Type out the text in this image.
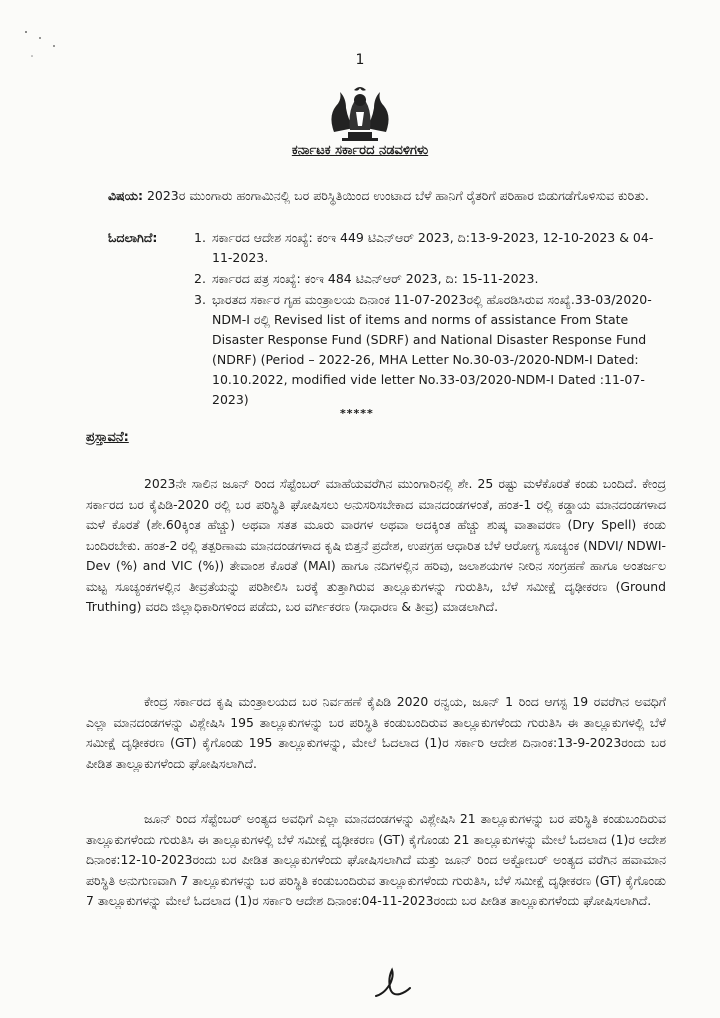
1
ಕರ್ನಾಟಕ ಸರ್ಕಾರದ ನಡವಳಿಗಳು
ವಿಷಯ: 2023ರ ಮುಂಗಾರು ಹಂಗಾಮಿನಲ್ಲಿ ಬರ ಪರಿಸ್ಥಿತಿಯಿಂದ ಉಂಟಾದ ಬೆಳೆ ಹಾನಿಗೆ ರೈತರಿಗೆ ಪರಿಹಾರ ಬಿಡುಗಡೆಗೊಳಿಸುವ ಕುರಿತು.
ಓದಲಾಗಿದೆ:	1. ಸರ್ಕಾರದ ಆದೇಶ ಸಂಖ್ಯೆ: ಕಂಇ 449 ಟಿಎನ್ಆರ್ 2023, ದಿ:13-9-2023, 12-10-2023 & 04-11-2023.
2. ಸರ್ಕಾರದ ಪತ್ರ ಸಂಖ್ಯೆ: ಕಂಇ 484 ಟಿಎನ್ಆರ್ 2023, ದಿ: 15-11-2023.
3. ಭಾರತದ ಸರ್ಕಾರ ಗೃಹ ಮಂತ್ರಾಲಯ ದಿನಾಂಕ 11-07-2023ರಲ್ಲಿ ಹೊರಡಿಸಿರುವ ಸಂಖ್ಯೆ.33-03/2020-NDM-I ರಲ್ಲಿ Revised list of items and norms of assistance From State Disaster Response Fund (SDRF) and National Disaster Response Fund (NDRF) (Period – 2022-26, MHA Letter No.30-03-/2020-NDM-I Dated: 10.10.2022, modified vide letter No.33-03/2020-NDM-I Dated :11-07-2023)
*****
ಪ್ರಸ್ತಾವನೆ:

2023ನೇ ಸಾಲಿನ ಜೂನ್ ರಿಂದ ಸೆಪ್ಟೆಂಬರ್ ಮಾಹೆಯವರೆಗಿನ ಮುಂಗಾರಿನಲ್ಲಿ ಶೇ. 25 ರಷ್ಟು ಮಳೆಕೊರತೆ ಕಂಡು ಬಂದಿದೆ. ಕೇಂದ್ರ ಸರ್ಕಾರದ ಬರ ಕೈಪಿಡಿ-2020 ರಲ್ಲಿ ಬರ ಪರಿಸ್ಥಿತಿ ಘೋಷಿಸಲು ಅನುಸರಿಸಬೇಕಾದ ಮಾನದಂಡಗಳಂತೆ, ಹಂತ-1 ರಲ್ಲಿ ಕಡ್ಡಾಯ ಮಾನದಂಡಗಳಾದ ಮಳೆ ಕೊರತೆ (ಶೇ.60ಕ್ಕಿಂತ ಹೆಚ್ಚು) ಅಥವಾ ಸತತ ಮೂರು ವಾರಗಳ ಅಥವಾ ಅದಕ್ಕಿಂತ ಹೆಚ್ಚು ಶುಷ್ಕ ವಾತಾವರಣ (Dry Spell) ಕಂಡು ಬಂದಿರಬೇಕು. ಹಂತ-2 ರಲ್ಲಿ ತತ್ಪರಿಣಾಮ ಮಾನದಂಡಗಳಾದ ಕೃಷಿ ಬಿತ್ತನೆ ಪ್ರದೇಶ, ಉಪಗ್ರಹ ಆಧಾರಿತ ಬೆಳೆ ಆರೋಗ್ಯ ಸೂಚ್ಯಂಕ (NDVI/ NDWI-Dev (%) and VIC (%)) ತೇವಾಂಶ ಕೊರತೆ (MAI) ಹಾಗೂ ನದಿಗಳಲ್ಲಿನ ಹರಿವು, ಜಲಾಶಯಗಳ ನೀರಿನ ಸಂಗ್ರಹಣೆ ಹಾಗೂ ಅಂತರ್ಜಲ ಮಟ್ಟ ಸೂಚ್ಯಂಕಗಳಲ್ಲಿನ ತೀವ್ರತೆಯನ್ನು ಪರಿಶೀಲಿಸಿ ಬರಕ್ಕೆ ತುತ್ತಾಗಿರುವ ತಾಲ್ಲೂಕುಗಳನ್ನು ಗುರುತಿಸಿ, ಬೆಳೆ ಸಮೀಕ್ಷೆ ದೃಢೀಕರಣ (Ground Truthing) ವರದಿ ಜಿಲ್ಲಾಧಿಕಾರಿಗಳಿಂದ ಪಡೆದು, ಬರ ವರ್ಗೀಕರಣ (ಸಾಧಾರಣ & ತೀವ್ರ) ಮಾಡಲಾಗಿದೆ.

ಕೇಂದ್ರ ಸರ್ಕಾರದ ಕೃಷಿ ಮಂತ್ರಾಲಯದ ಬರ ನಿರ್ವಹಣೆ ಕೈಪಿಡಿ 2020 ರನ್ವಯ, ಜೂನ್ 1 ರಿಂದ ಆಗಸ್ಟ 19 ರವರೆಗಿನ ಅವಧಿಗೆ ಎಲ್ಲಾ ಮಾನದಂಡಗಳನ್ನು ವಿಶ್ಲೇಷಿಸಿ 195 ತಾಲ್ಲೂಕುಗಳನ್ನು ಬರ ಪರಿಸ್ಥಿತಿ ಕಂಡುಬಂದಿರುವ ತಾಲ್ಲೂಕುಗಳೆಂದು ಗುರುತಿಸಿ ಈ ತಾಲ್ಲೂಕುಗಳಲ್ಲಿ ಬೆಳೆ ಸಮೀಕ್ಷೆ ದೃಢೀಕರಣ (GT) ಕೈಗೊಂಡು 195 ತಾಲ್ಲೂಕುಗಳನ್ನು, ಮೇಲೆ ಓದಲಾದ (1)ರ ಸರ್ಕಾರಿ ಆದೇಶ ದಿನಾಂಕ:13-9-2023ರಂದು ಬರ ಪೀಡಿತ ತಾಲ್ಲೂಕುಗಳೆಂದು ಘೋಷಿಸಲಾಗಿದೆ.

ಜೂನ್ ರಿಂದ ಸೆಪ್ಟೆಂಬರ್ ಅಂತ್ಯದ ಅವಧಿಗೆ ಎಲ್ಲಾ ಮಾನದಂಡಗಳನ್ನು ವಿಶ್ಲೇಷಿಸಿ 21 ತಾಲ್ಲೂಕುಗಳನ್ನು ಬರ ಪರಿಸ್ಥಿತಿ ಕಂಡುಬಂದಿರುವ ತಾಲ್ಲೂಕುಗಳೆಂದು ಗುರುತಿಸಿ ಈ ತಾಲ್ಲೂಕುಗಳಲ್ಲಿ ಬೆಳೆ ಸಮೀಕ್ಷೆ ದೃಢೀಕರಣ (GT) ಕೈಗೊಂಡು 21 ತಾಲ್ಲೂಕುಗಳನ್ನು ಮೇಲೆ ಓದಲಾದ (1)ರ ಆದೇಶ ದಿನಾಂಕ:12-10-2023ರಂದು ಬರ ಪೀಡಿತ ತಾಲ್ಲೂಕುಗಳೆಂದು ಘೋಷಿಸಲಾಗಿದೆ ಮತ್ತು ಜೂನ್ ರಿಂದ ಅಕ್ಟೋಬರ್ ಅಂತ್ಯದ ವರೆಗಿನ ಹವಾಮಾನ ಪರಿಸ್ಥಿತಿ ಅನುಗುಣವಾಗಿ 7 ತಾಲ್ಲೂಕುಗಳನ್ನು ಬರ ಪರಿಸ್ಥಿತಿ ಕಂಡುಬಂದಿರುವ ತಾಲ್ಲೂಕುಗಳೆಂದು ಗುರುತಿಸಿ, ಬೆಳೆ ಸಮೀಕ್ಷೆ ದೃಢೀಕರಣ (GT) ಕೈಗೊಂಡು 7 ತಾಲ್ಲೂಕುಗಳನ್ನು ಮೇಲೆ ಓದಲಾದ (1)ರ ಸರ್ಕಾರಿ ಆದೇಶ ದಿನಾಂಕ:04-11-2023ರಂದು ಬರ ಪೀಡಿತ ತಾಲ್ಲೂಕುಗಳೆಂದು ಘೋಷಿಸಲಾಗಿದೆ.
